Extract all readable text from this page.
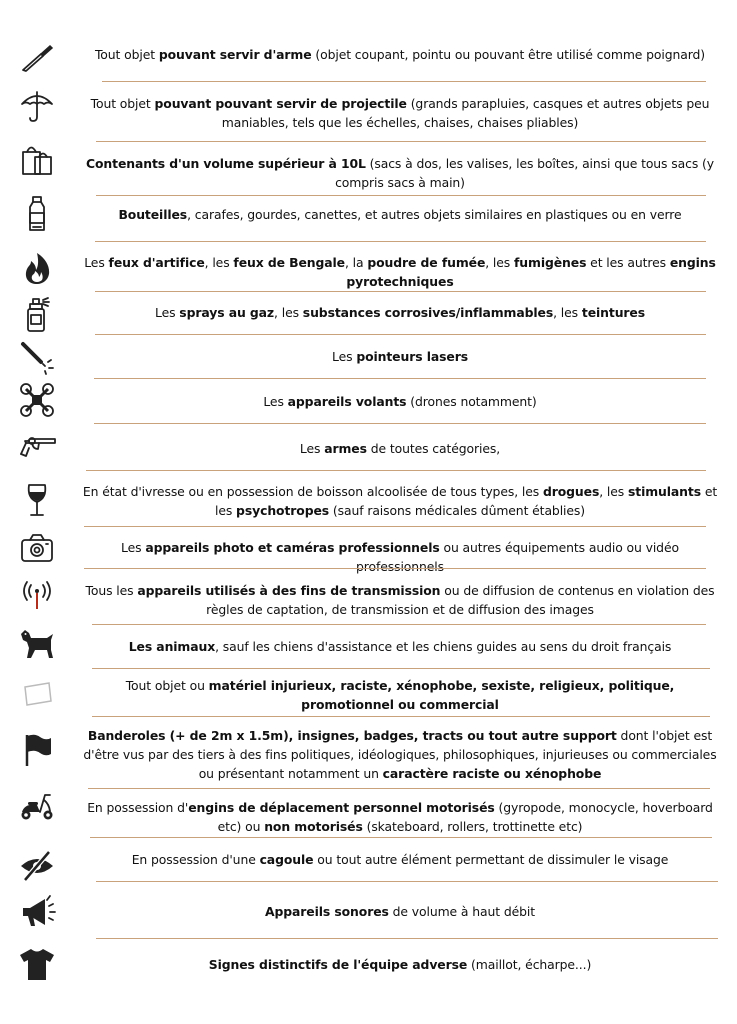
Tout objet pouvant servir d'arme (objet coupant, pointu ou pouvant être utilisé comme poignard)
Tout objet pouvant pouvant servir de projectile (grands parapluies, casques et autres objets peu maniables, tels que les échelles, chaises, chaises pliables)
Contenants d'un volume supérieur à 10L (sacs à dos, les valises, les boîtes, ainsi que tous sacs (y compris sacs à main)
Bouteilles, carafes, gourdes, canettes, et autres objets similaires en plastiques ou en verre
Les feux d'artifice, les feux de Bengale, la poudre de fumée, les fumigènes et les autres engins pyrotechniques
Les sprays au gaz, les substances corrosives/inflammables, les teintures
Les pointeurs lasers
Les appareils volants (drones notamment)
Les armes de toutes catégories,
En état d'ivresse ou en possession de boisson alcoolisée de tous types, les drogues, les stimulants et les psychotropes (sauf raisons médicales dûment établies)
Les appareils photo et caméras professionnels ou autres équipements audio ou vidéo professionnels
Tous les appareils utilisés à des fins de transmission ou de diffusion de contenus en violation des règles de captation, de transmission et de diffusion des images
Les animaux, sauf les chiens d'assistance et les chiens guides au sens du droit français
Tout objet ou matériel injurieux, raciste, xénophobe, sexiste, religieux, politique, promotionnel ou commercial
Banderoles (+ de 2m x 1.5m), insignes, badges, tracts ou tout autre support dont l'objet est d'être vus par des tiers à des fins politiques, idéologiques, philosophiques, injurieuses ou commerciales ou présentant notamment un caractère raciste ou xénophobe
En possession d'engins de déplacement personnel motorisés (gyropode, monocycle, hoverboard etc) ou non motorisés (skateboard, rollers, trottinette etc)
En possession d'une cagoule ou tout autre élément permettant de dissimuler le visage
Appareils sonores de volume à haut débit
Signes distinctifs de l'équipe adverse (maillot, écharpe...)
